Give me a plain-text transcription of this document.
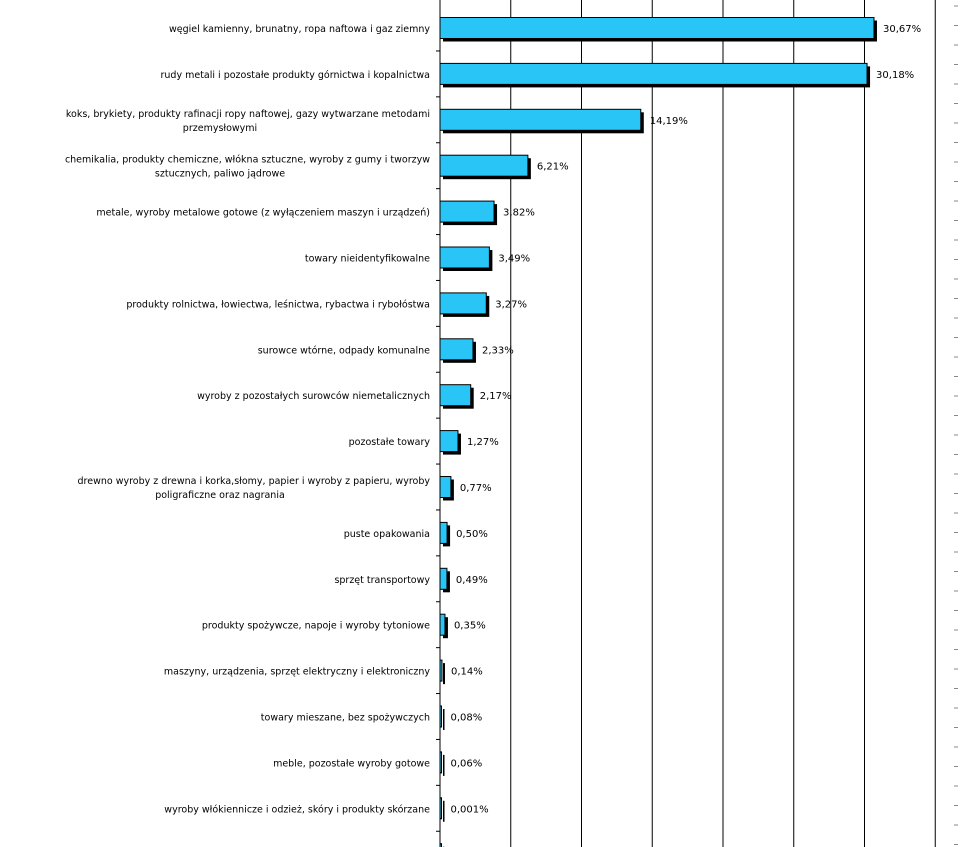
węgiel kamienny, brunatny, ropa naftowa i gaz ziemny
rudy metali i pozostałe produkty górnictwa i kopalnictwa
koks, brykiety, produkty rafinacji ropy naftowej, gazy wytwarzane metodami przemysłowymi
chemikalia, produkty chemiczne, włókna sztuczne, wyroby z gumy i tworzyw sztucznych, paliwo jądrowe
metale, wyroby metalowe gotowe (z wyłączeniem maszyn i urządzeń)
towary nieidentyfikowalne
produkty rolnictwa, łowiectwa, leśnictwa, rybactwa i rybołóstwa
surowce wtórne, odpady komunalne
wyroby z pozostałych surowców niemetalicznych
pozostałe towary
drewno wyroby z drewna i korka,słomy, papier i wyroby z papieru, wyroby poligraficzne oraz nagrania
puste opakowania
sprzęt transportowy
produkty spożywcze, napoje i wyroby tytoniowe
maszyny, urządzenia, sprzęt elektryczny i elektroniczny
towary mieszane, bez spożywczych
meble, pozostałe wyroby gotowe
wyroby włókiennicze i odzież, skóry i produkty skórzane
30,67%
30,18%
14,19%
6,21%
3,82%
3,49%
3,27%
2,33%
2,17%
1,27%
0,77%
0,50%
0,49%
0,35%
0,14%
0,08%
0,06%
0,001%
